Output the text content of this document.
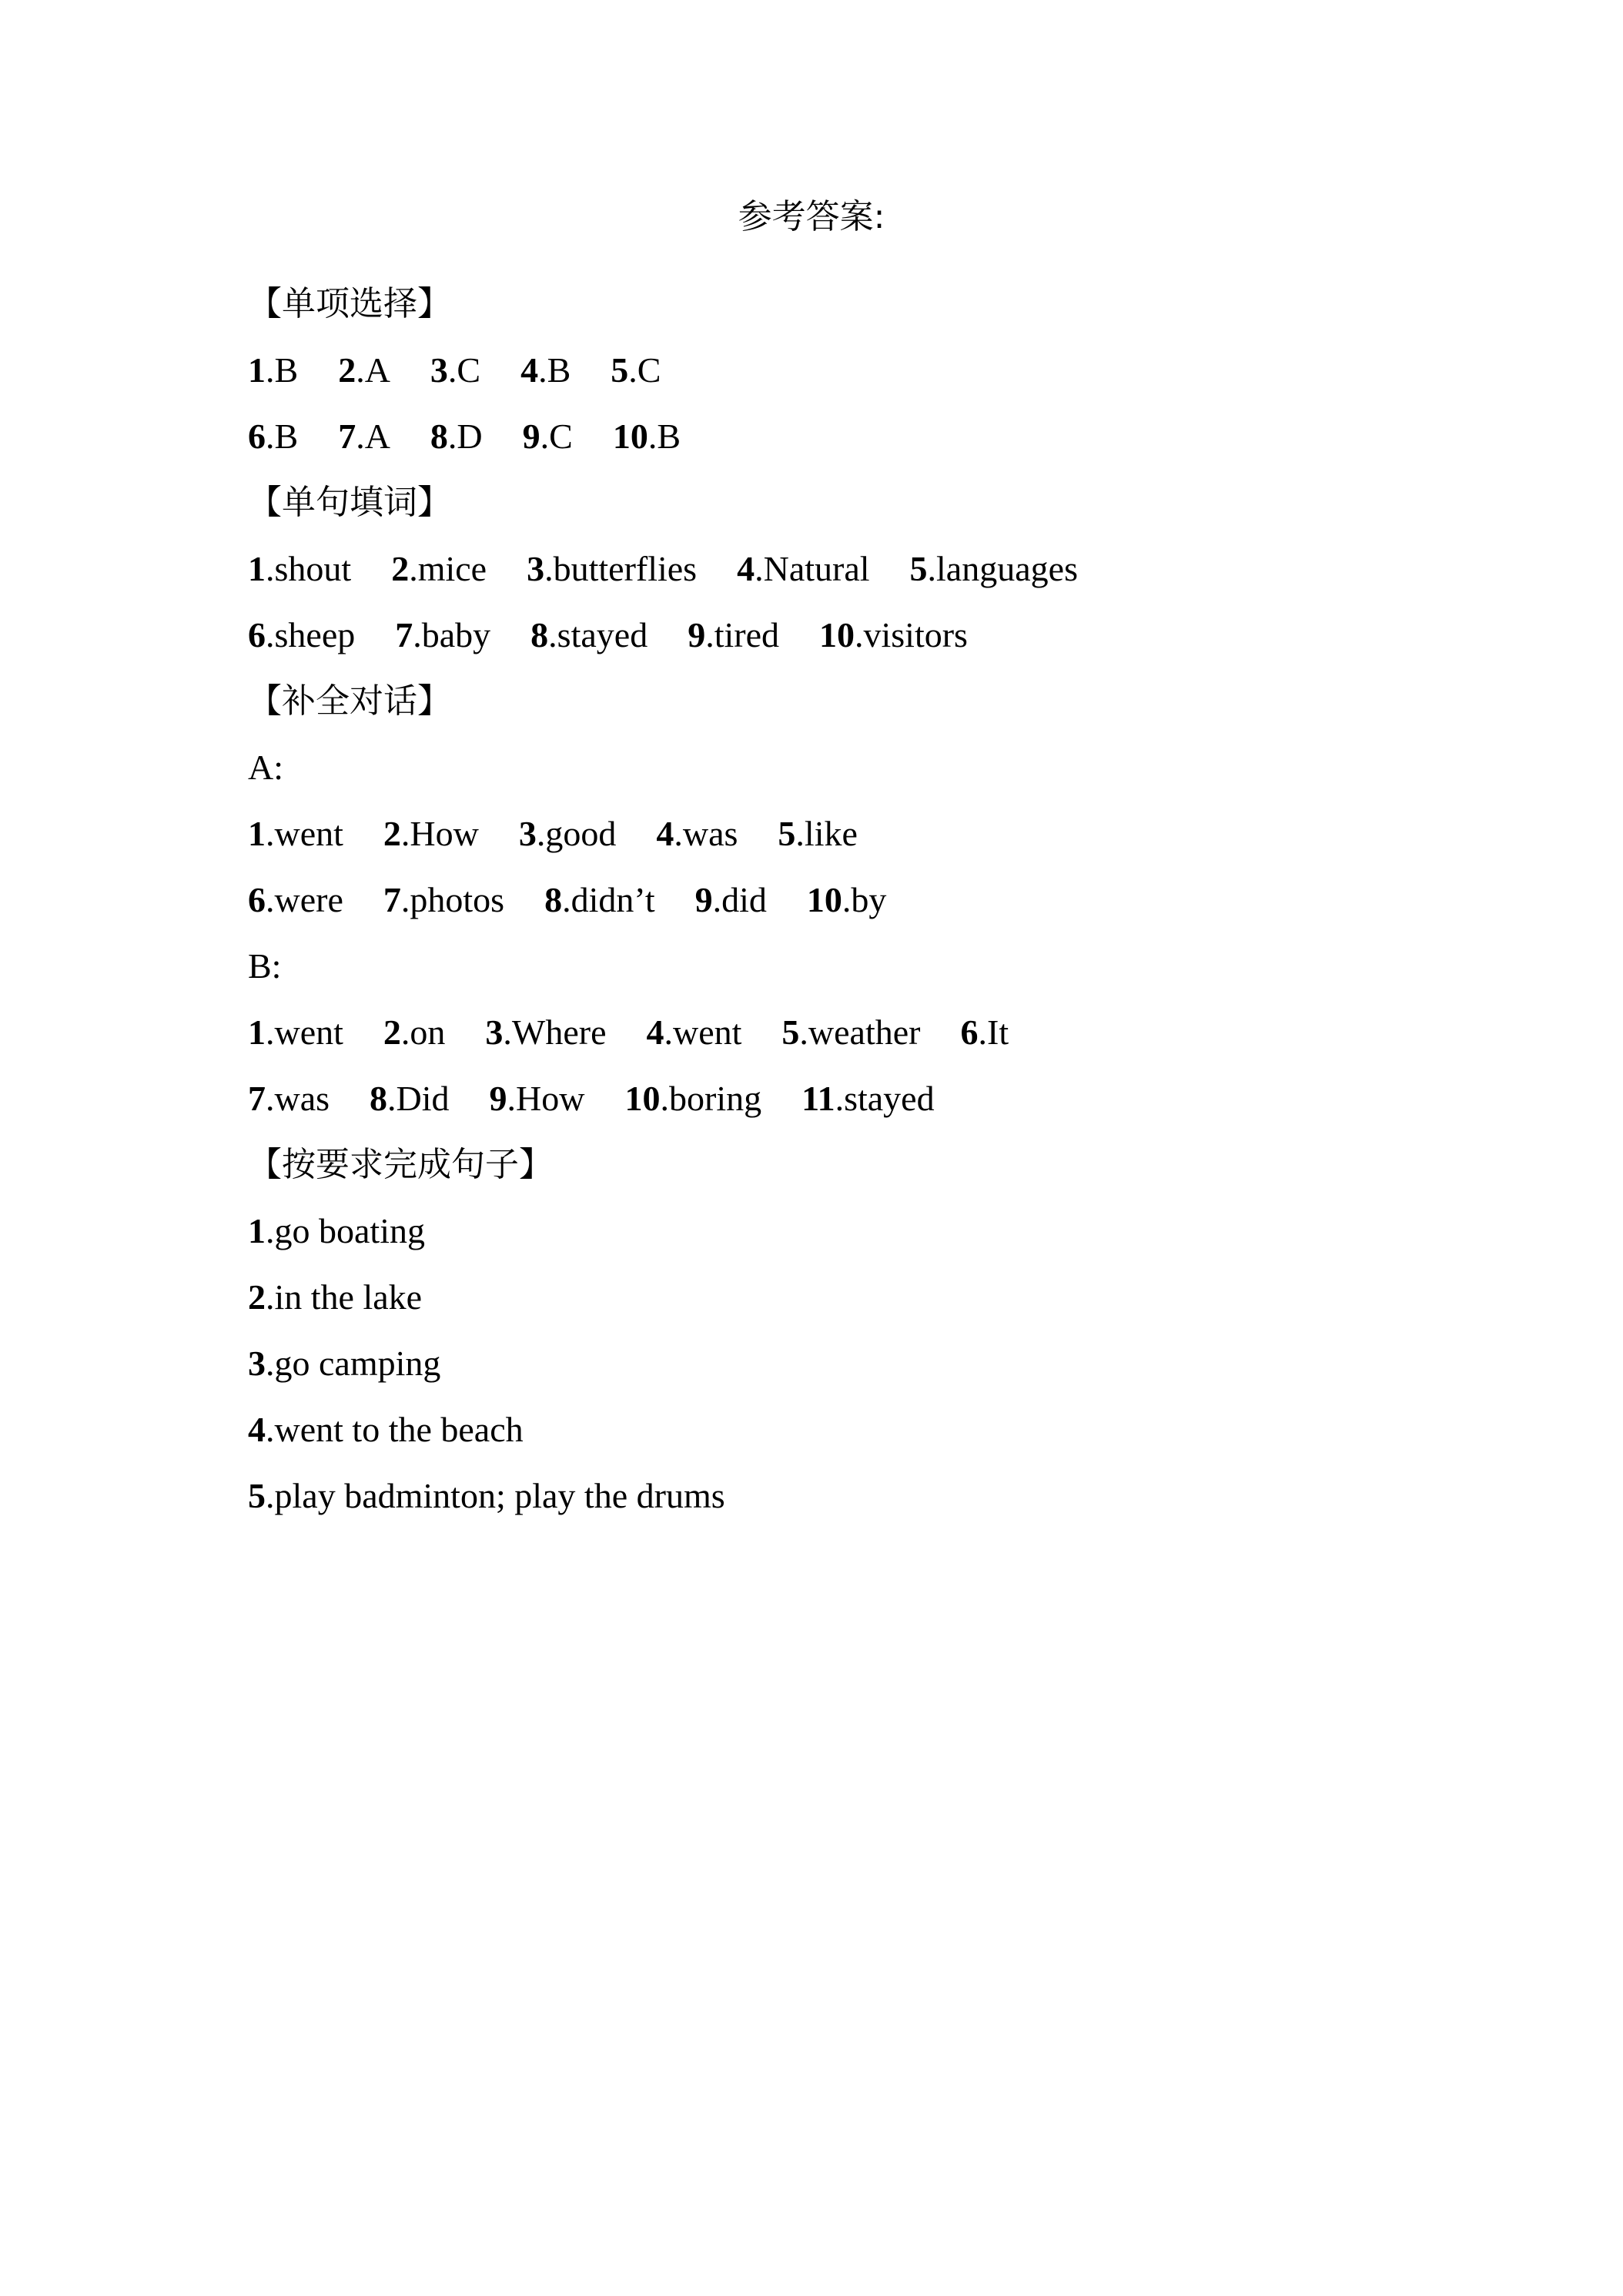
参考答案:
【单项选择】
1.B 2.A 3.C 4.B 5.C
6.B 7.A 8.D 9.C 10.B
【单句填词】
1.shout 2.mice 3.butterflies 4.Natural 5.languages
6.sheep 7.baby 8.stayed 9.tired 10.visitors
【补全对话】
A:
1.went 2.How 3.good 4.was 5.like
6.were 7.photos 8.didn’t 9.did 10.by
B:
1.went 2.on 3.Where 4.went 5.weather 6.It
7.was 8.Did 9.How 10.boring 11.stayed
【按要求完成句子】
1.go boating
2.in the lake
3.go camping
4.went to the beach
5.play badminton; play the drums
